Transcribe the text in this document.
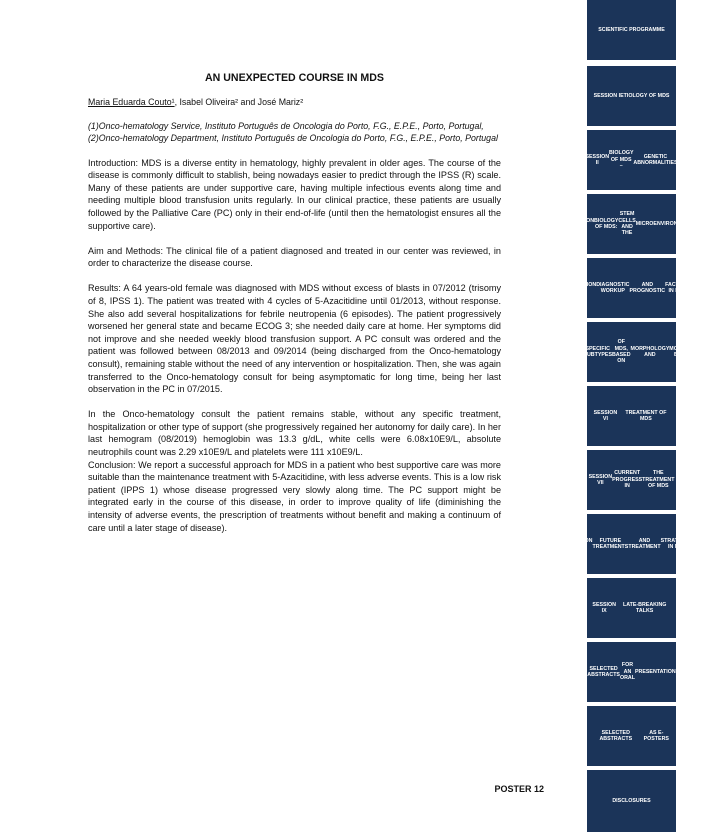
AN UNEXPECTED COURSE IN MDS
Maria Eduarda Couto¹, Isabel Oliveira² and José Mariz²
(1)Onco-hematology Service, Instituto Português de Oncologia do Porto, F.G., E.P.E., Porto, Portugal,
(2)Onco-hematology Department, Instituto Português de Oncologia do Porto, F.G., E.P.E., Porto, Portugal
Introduction: MDS is a diverse entity in hematology, highly prevalent in older ages. The course of the disease is commonly difficult to stablish, being nowadays easier to predict through the IPSS (R) scale. Many of these patients are under supportive care, having multiple infectious events along time and needing multiple blood transfusion units regularly. In our clinical practice, these patients are usually followed by the Palliative Care (PC) only in their end-of-life (until then the hematologist ensures all the supportive care).
Aim and Methods: The clinical file of a patient diagnosed and treated in our center was reviewed, in order to characterize the disease course.
Results: A 64 years-old female was diagnosed with MDS without excess of blasts in 07/2012 (trisomy of 8, IPSS 1). The patient was treated with 4 cycles of 5-Azacitidine until 01/2013, without response. She also add several hospitalizations for febrile neutropenia (6 episodes). The patient progressively worsened her general state and became ECOG 3; she needed daily care at home. Her symptoms did not improve and she needed weekly blood transfusion support. A PC consult was ordered and the patient was followed between 08/2013 and 09/2014 (being discharged from the Onco-hematology consult), remaining stable without the need of any intervention or hospitalization. Then, she was again transferred to the Onco-hematology consult for being asymptomatic for long time, being her last observation in the PC in 07/2015.
In the Onco-hematology consult the patient remains stable, without any specific treatment, hospitalization or other type of support (she progressively regained her autonomy for daily care). In her last hemogram (08/2019) hemoglobin was 13.3 g/dL, white cells were 6.08x10E9/L, absolute neutrophils count was 2.29 x10E9/L and platelets were 111 x10E9/L.
Conclusion: We report a successful approach for MDS in a patient who best supportive care was more suitable than the maintenance treatment with 5-Azacitidine, with less adverse events. This is a low risk patient (IPPS 1) whose disease progressed very slowly along time. The PC support might be integrated early in the course of this disease, in order to improve quality of life (diminishing the intensity of adverse events, the prescription of treatments without benefit and making a continuum of care until a later stage of disease).
POSTER 12
SCIENTIFIC PROGRAMME
SESSION I ETIOLOGY OF MDS
SESSION II
BIOLOGY OF MDS –
GENETIC ABNORMALITIES
SESSION III
BIOLOGY OF MDS:
STEM CELLS AND THE
MICROENVIRONMENT
SESSION IV
DIAGNOSTIC WORKUP
AND PROGNOSTIC
FACTORS IN MDS
SESSION V
SPECIFIC SUBTYPES
OF MDS, BASED ON
MORPHOLOGY AND
MOLECULAR BIOLOGY
SESSION VI
TREATMENT OF MDS
SESSION VII
CURRENT PROGRESS IN
THE TREATMENT OF MDS
SESSION VIII
FUTURE TREATMENTS
AND TREATMENT
STRATEGIES IN MDS
SESSION IX
LATE-BREAKING TALKS
SELECTED ABSTRACTS
FOR AN ORAL
PRESENTATION
SELECTED ABSTRACTS
AS E-POSTERS
DISCLOSURES
